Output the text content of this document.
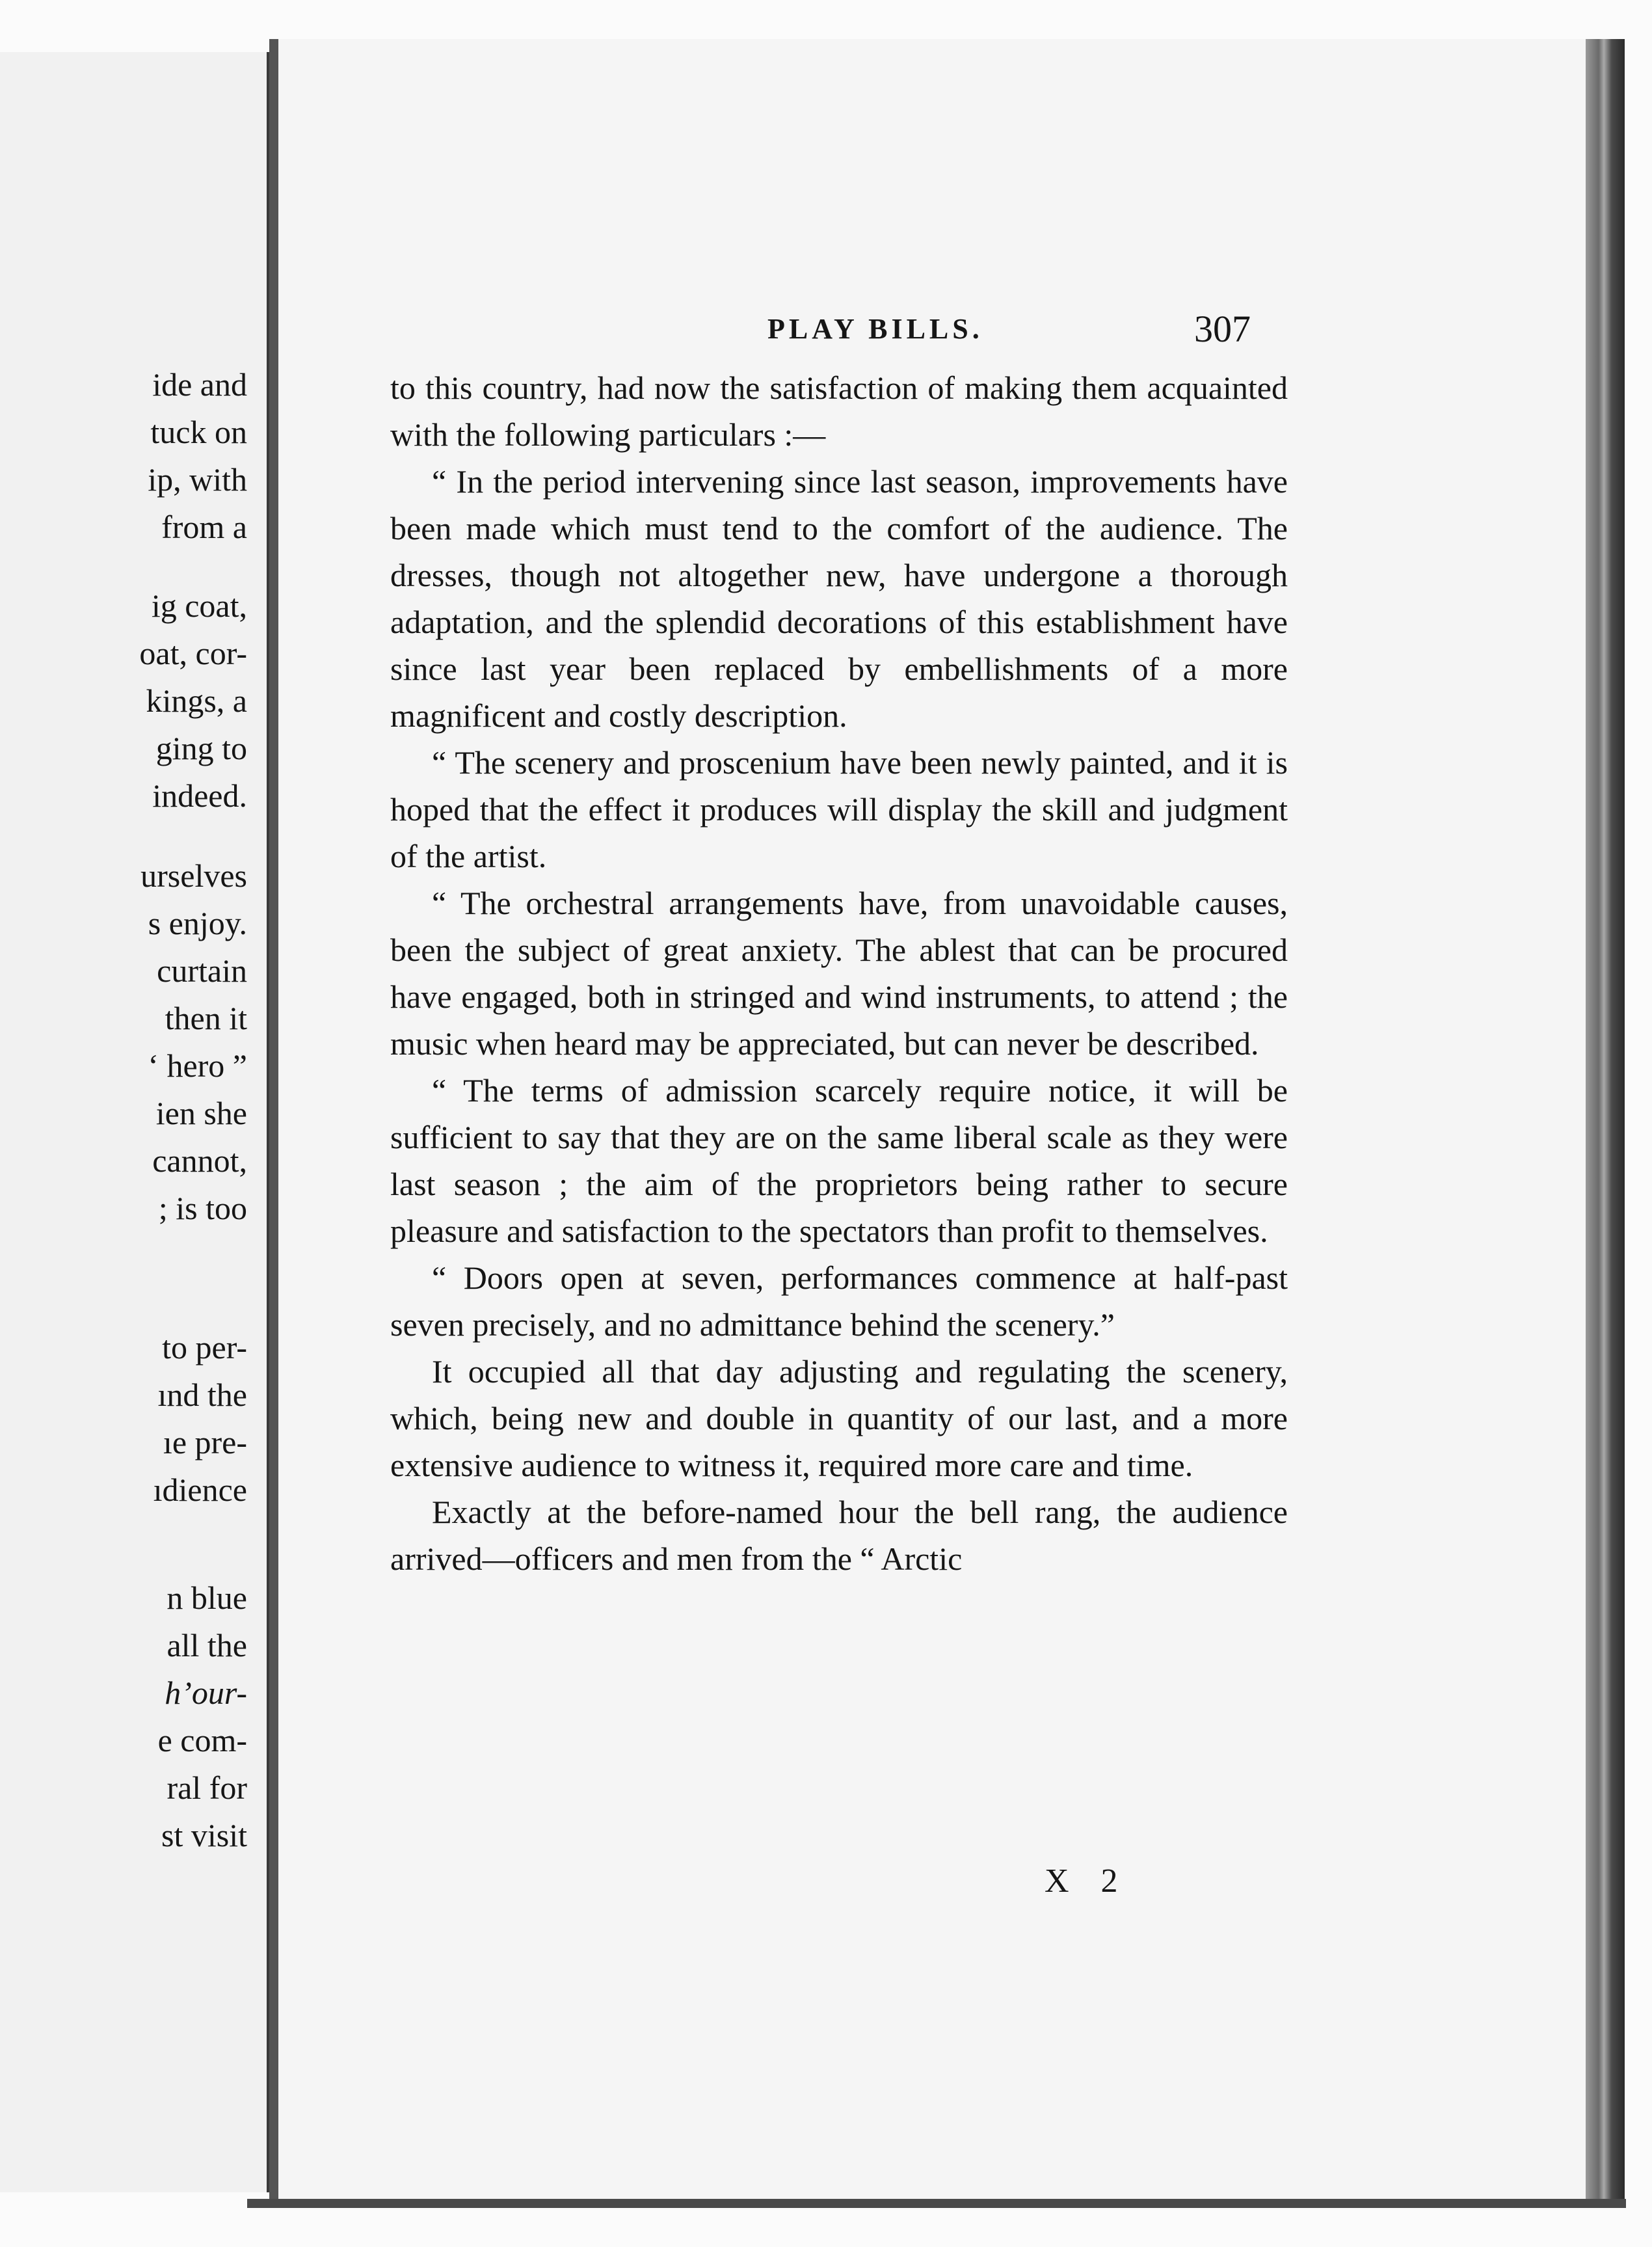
ide and

tuck on

ip, with

from a

ig coat,

oat, cor-

kings, a

ging to

indeed.

urselves

s enjoy.

curtain

then it

‘ hero ”

ien she

cannot,

; is too

to per-

ınd the

ıe pre-

ıdience

n blue

all the

h’our-

e com-

ral for

st visit

PLAY BILLS.	307

to this country, had now the satisfaction of making them acquainted with the following particulars :—

“ In the period intervening since last season, improvements have been made which must tend to the comfort of the audience. The dresses, though not altogether new, have undergone a thorough adaptation, and the splendid decorations of this establishment have since last year been replaced by embellishments of a more magnificent and costly description.

“ The scenery and proscenium have been newly painted, and it is hoped that the effect it produces will display the skill and judgment of the artist.

“ The orchestral arrangements have, from unavoidable causes, been the subject of great anxiety. The ablest that can be procured have engaged, both in stringed and wind instruments, to attend ; the music when heard may be appreciated, but can never be described.

“ The terms of admission scarcely require notice, it will be sufficient to say that they are on the same liberal scale as they were last season ; the aim of the proprietors being rather to secure pleasure and satisfaction to the spectators than profit to themselves.

“ Doors open at seven, performances commence at half-past seven precisely, and no admittance behind the scenery.”

It occupied all that day adjusting and regulating the scenery, which, being new and double in quantity of our last, and a more extensive audience to witness it, required more care and time.

Exactly at the before-named hour the bell rang, the audience arrived—officers and men from the “ Arctic

X 2
